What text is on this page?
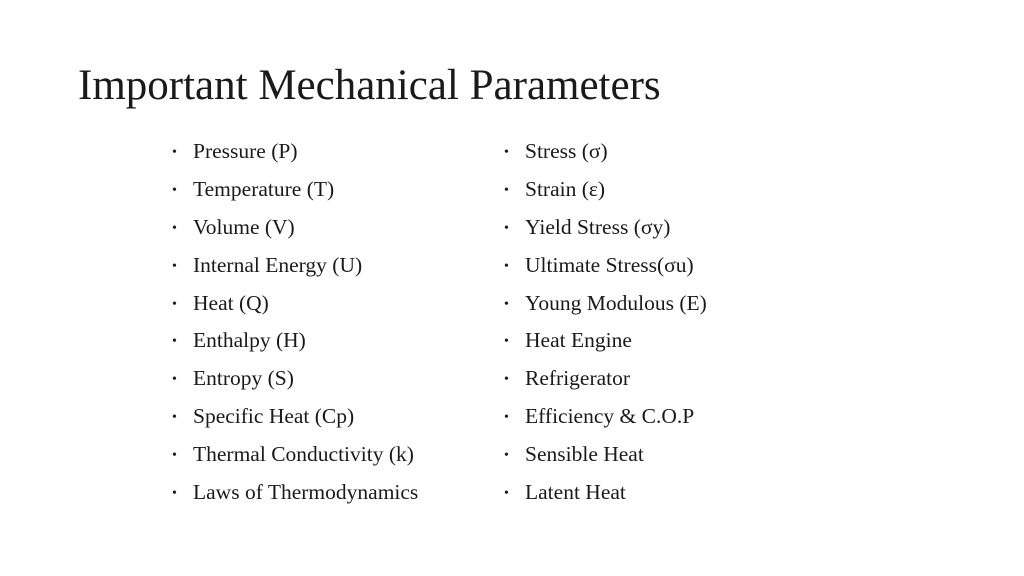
Important Mechanical Parameters
•Pressure (P)
•Temperature (T)
•Volume (V)
•Internal Energy (U)
•Heat (Q)
•Enthalpy (H)
•Entropy (S)
•Specific Heat (Cp)
•Thermal Conductivity (k)
•Laws of Thermodynamics
•Stress (σ)
•Strain (ε)
•Yield Stress (σy)
•Ultimate Stress(σu)
•Young Modulous (E)
•Heat Engine
•Refrigerator
•Efficiency & C.O.P
•Sensible Heat
•Latent Heat
